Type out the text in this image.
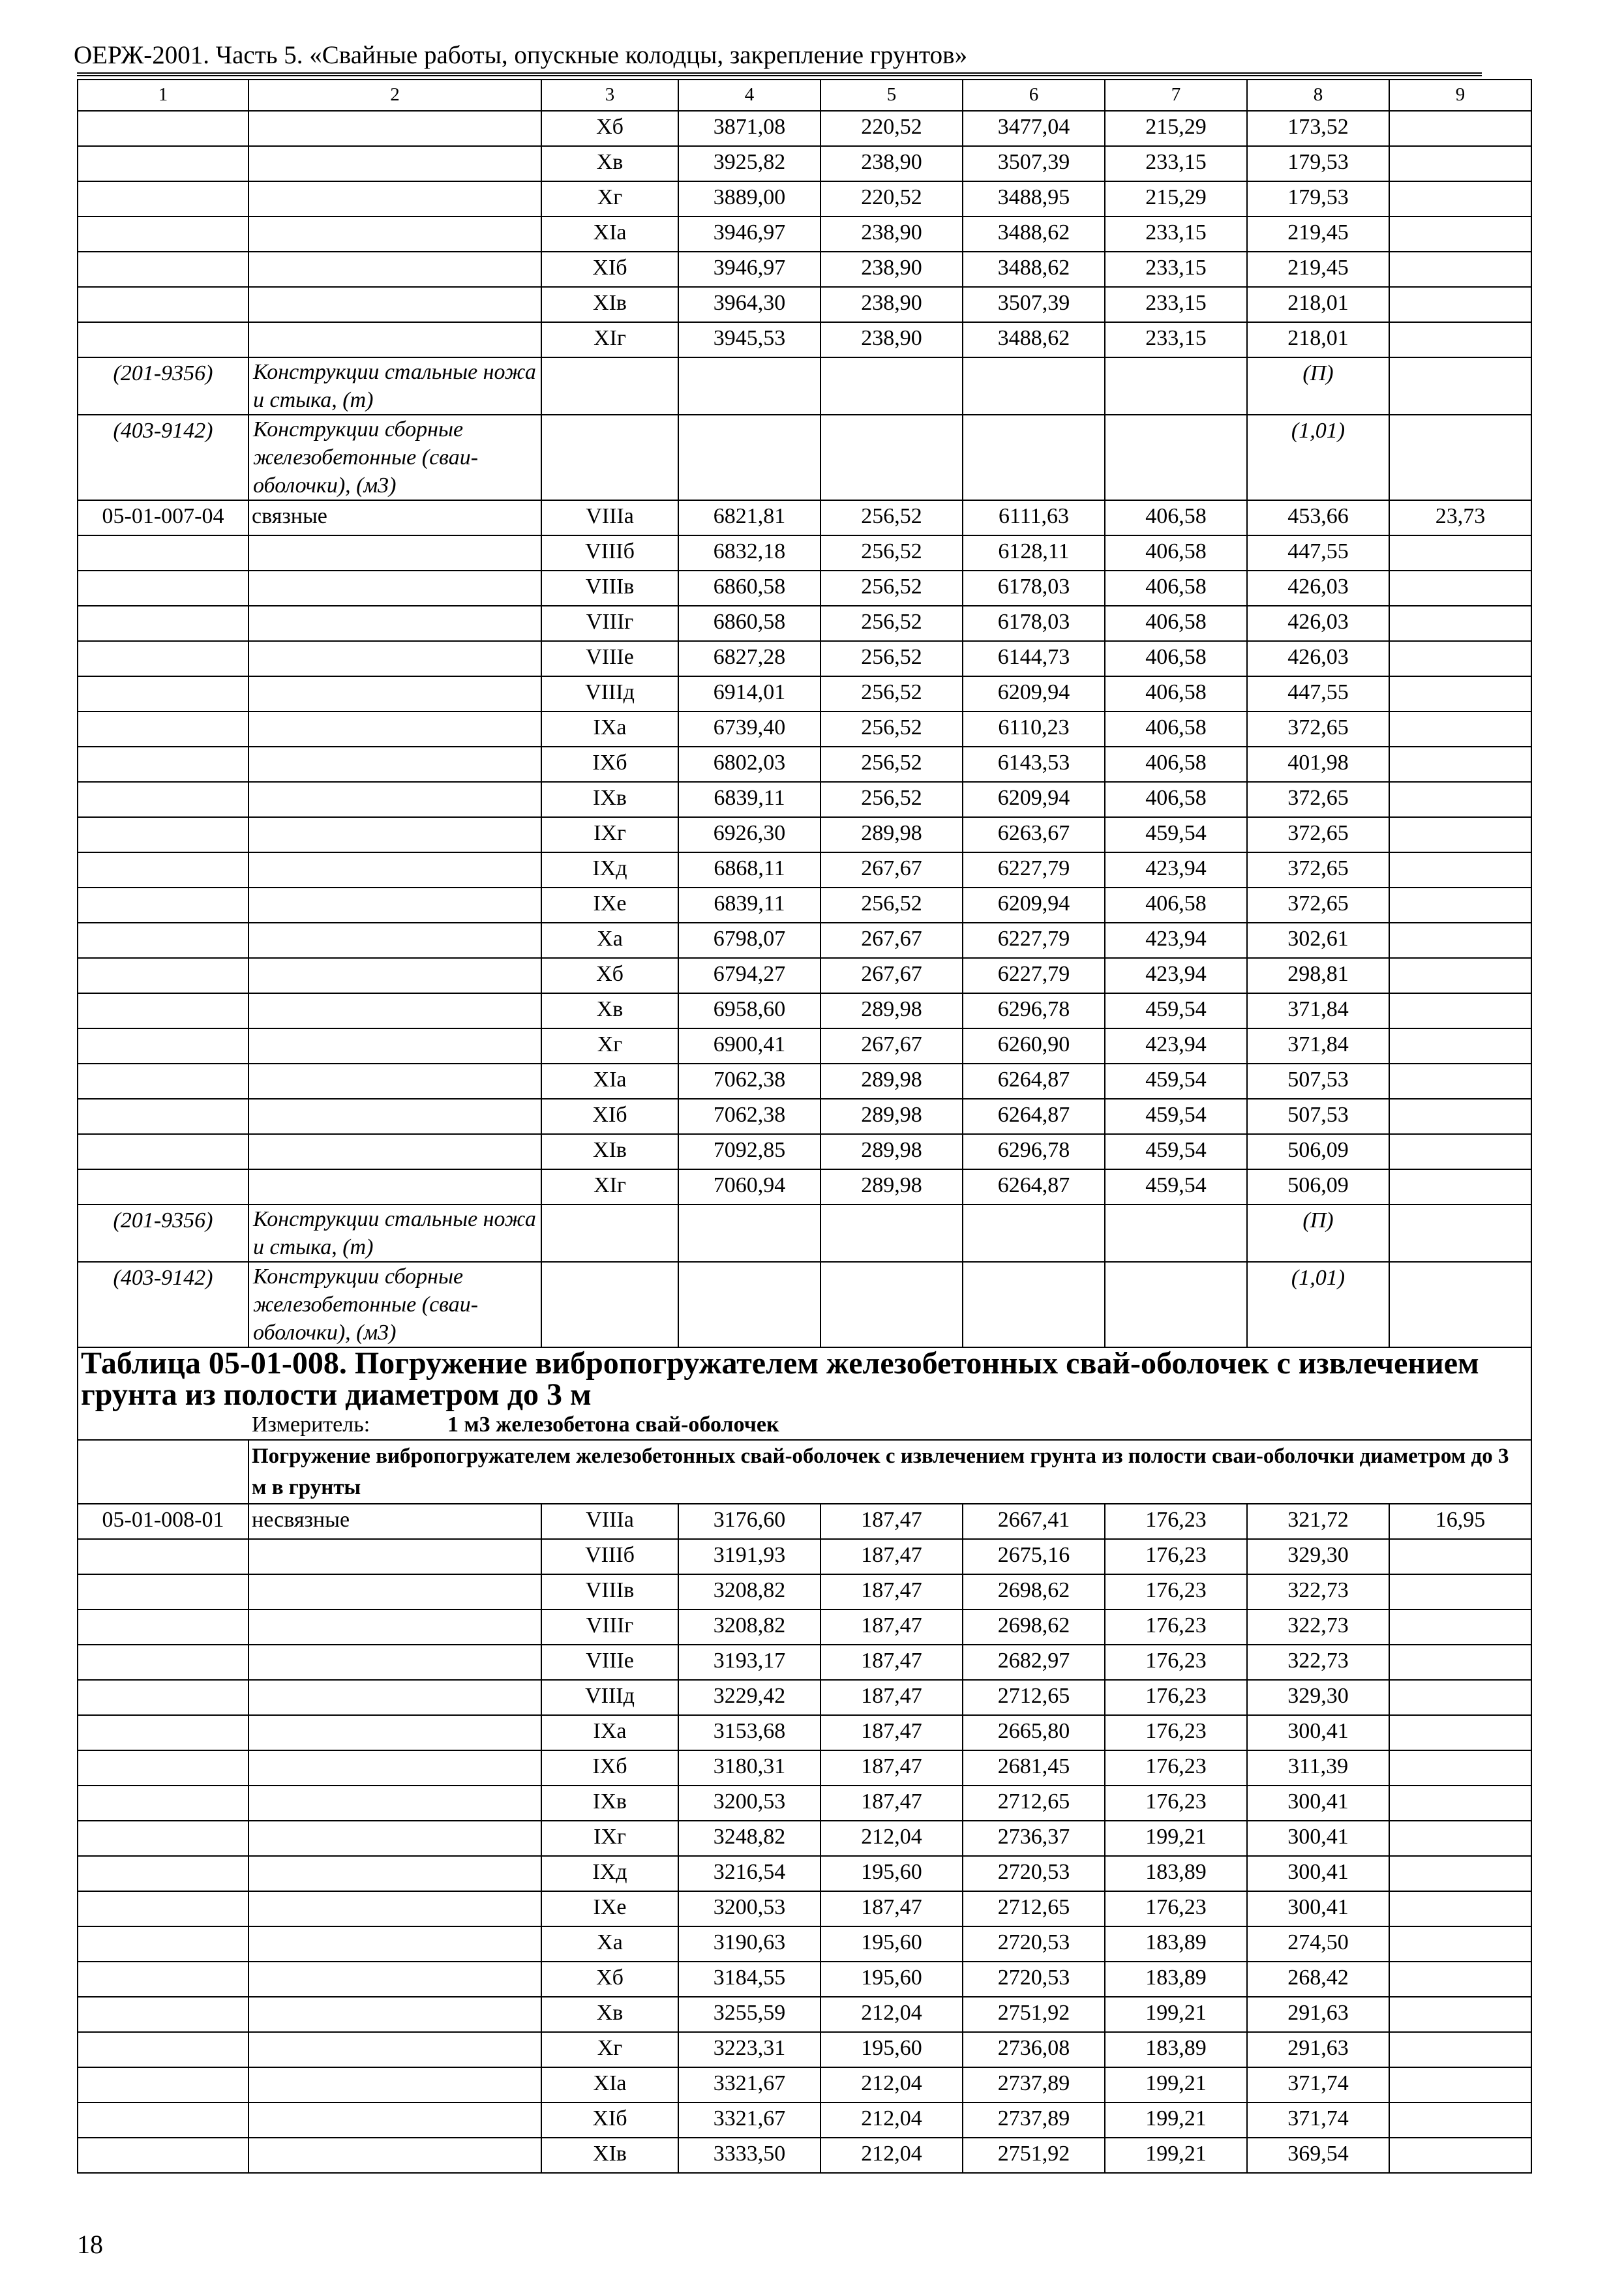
ОЕРЖ-2001. Часть 5. «Свайные работы, опускные колодцы, закрепление грунтов»
1	2	3	4	5	6	7	8	9
		Хб	3871,08	220,52	3477,04	215,29	173,52	
		Хв	3925,82	238,90	3507,39	233,15	179,53	
		Хг	3889,00	220,52	3488,95	215,29	179,53	
		ХIа	3946,97	238,90	3488,62	233,15	219,45	
		ХIб	3946,97	238,90	3488,62	233,15	219,45	
		ХIв	3964,30	238,90	3507,39	233,15	218,01	
		ХIг	3945,53	238,90	3488,62	233,15	218,01	
(201-9356)	Конструкции стальные ножа и стыка, (т)						(П)	
(403-9142)	Конструкции сборные железобетонные (сваи-оболочки), (м3)						(1,01)	
05-01-007-04	связные	VIIIа	6821,81	256,52	6111,63	406,58	453,66	23,73
		VIIIб	6832,18	256,52	6128,11	406,58	447,55	
		VIIIв	6860,58	256,52	6178,03	406,58	426,03	
		VIIIг	6860,58	256,52	6178,03	406,58	426,03	
		VIIIе	6827,28	256,52	6144,73	406,58	426,03	
		VIIIд	6914,01	256,52	6209,94	406,58	447,55	
		IХа	6739,40	256,52	6110,23	406,58	372,65	
		IХб	6802,03	256,52	6143,53	406,58	401,98	
		IХв	6839,11	256,52	6209,94	406,58	372,65	
		IХг	6926,30	289,98	6263,67	459,54	372,65	
		IХд	6868,11	267,67	6227,79	423,94	372,65	
		IХе	6839,11	256,52	6209,94	406,58	372,65	
		Ха	6798,07	267,67	6227,79	423,94	302,61	
		Хб	6794,27	267,67	6227,79	423,94	298,81	
		Хв	6958,60	289,98	6296,78	459,54	371,84	
		Хг	6900,41	267,67	6260,90	423,94	371,84	
		ХIа	7062,38	289,98	6264,87	459,54	507,53	
		ХIб	7062,38	289,98	6264,87	459,54	507,53	
		ХIв	7092,85	289,98	6296,78	459,54	506,09	
		ХIг	7060,94	289,98	6264,87	459,54	506,09	
(201-9356)	Конструкции стальные ножа и стыка, (т)						(П)	
(403-9142)	Конструкции сборные железобетонные (сваи-оболочки), (м3)						(1,01)	

Таблица 05-01-008. Погружение вибропогружателем железобетонных свай-оболочек с извлечением грунта из полости диаметром до 3 м
Измеритель: 1 м3 железобетона свай-оболочек								

	Погружение вибропогружателем железобетонных свай-оболочек с извлечением грунта из полости сваи-оболочки диаметром до 3 м в грунты							
05-01-008-01	несвязные	VIIIа	3176,60	187,47	2667,41	176,23	321,72	16,95
		VIIIб	3191,93	187,47	2675,16	176,23	329,30	
		VIIIв	3208,82	187,47	2698,62	176,23	322,73	
		VIIIг	3208,82	187,47	2698,62	176,23	322,73	
		VIIIе	3193,17	187,47	2682,97	176,23	322,73	
		VIIIд	3229,42	187,47	2712,65	176,23	329,30	
		IХа	3153,68	187,47	2665,80	176,23	300,41	
		IХб	3180,31	187,47	2681,45	176,23	311,39	
		IХв	3200,53	187,47	2712,65	176,23	300,41	
		IХг	3248,82	212,04	2736,37	199,21	300,41	
		IХд	3216,54	195,60	2720,53	183,89	300,41	
		IХе	3200,53	187,47	2712,65	176,23	300,41	
		Ха	3190,63	195,60	2720,53	183,89	274,50	
		Хб	3184,55	195,60	2720,53	183,89	268,42	
		Хв	3255,59	212,04	2751,92	199,21	291,63	
		Хг	3223,31	195,60	2736,08	183,89	291,63	
		ХIа	3321,67	212,04	2737,89	199,21	371,74	
		ХIб	3321,67	212,04	2737,89	199,21	371,74	
		ХIв	3333,50	212,04	2751,92	199,21	369,54	
18
